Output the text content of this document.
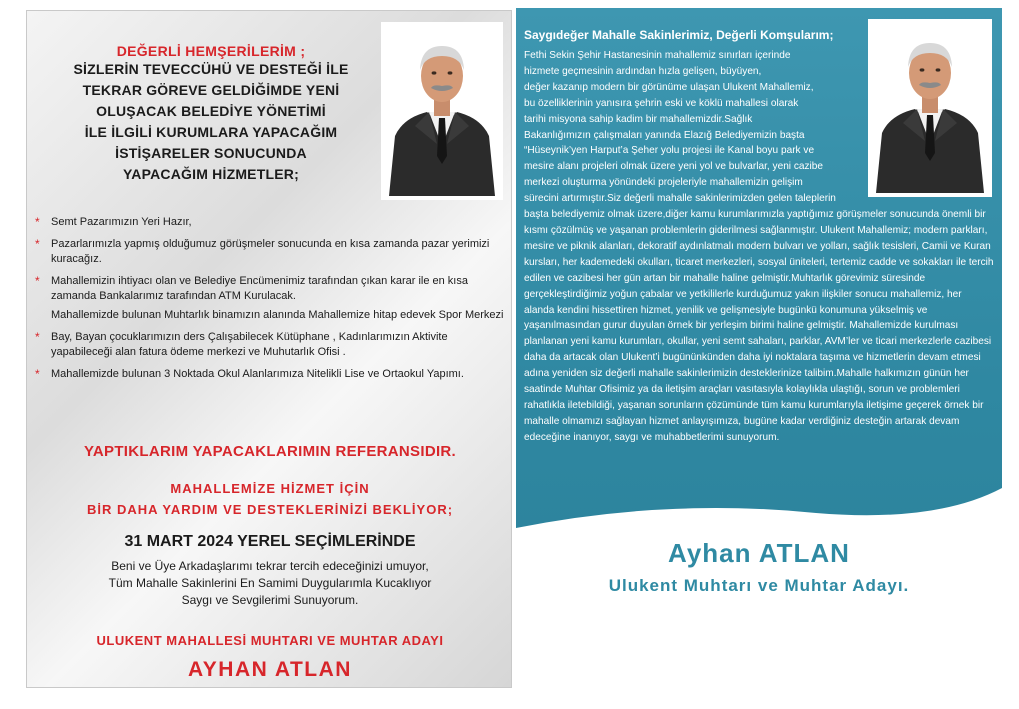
DEĞERLİ HEMŞERİLERİM ;
SİZLERİN TEVECCÜHÜ VE DESTEĞİ İLE
TEKRAR GÖREVE GELDİĞİMDE YENİ
OLUŞACAK BELEDİYE YÖNETİMİ
İLE İLGİLİ KURUMLARA YAPACAĞIM
İSTİŞARELER SONUCUNDA
YAPACAĞIM HİZMETLER;
* Semt Pazarımızın Yeri Hazır,
* Pazarlarımızla yapmış olduğumuz görüşmeler sonucunda en kısa zamanda pazar yerimizi kuracağız.
* Mahallemizin ihtiyacı olan ve Belediye Encümenimiz tarafından çıkan karar ile en kısa zamanda Bankalarımız tarafından ATM Kurulacak.
Mahallemizde bulunan Muhtarlık binamızın alanında Mahallemize hitap edevek Spor Merkezi
* Bay, Bayan çocuklarımızın ders Çalışabilecek Kütüphane , Kadınlarımızın Aktivite yapabileceği alan fatura ödeme merkezi ve Muhutarlık Ofisi .
* Mahallemizde bulunan 3 Noktada Okul Alanlarımıza Nitelikli Lise ve Ortaokul Yapımı.
YAPTIKLARIM YAPACAKLARIMIN REFERANSIDIR.
MAHALLEMİZE HİZMET İÇİN
BİR DAHA YARDIM VE DESTEKLERİNİZİ BEKLİYOR;
31 MART 2024 YEREL SEÇİMLERİNDE
Beni ve Üye Arkadaşlarımı tekrar tercih edeceğinizi umuyor,
Tüm Mahalle Sakinlerini En Samimi Duygularımla Kucaklıyor
Saygı ve Sevgilerimi Sunuyorum.
ULUKENT MAHALLESİ MUHTARI VE MUHTAR ADAYI
AYHAN ATLAN
Saygıdeğer Mahalle Sakinlerimiz, Değerli Komşularım;
Fethi Sekin Şehir Hastanesinin mahallemiz sınırları içerinde
hizmete geçmesinin ardından hızla gelişen, büyüyen,
değer kazanıp modern bir görünüme ulaşan Ulukent Mahallemiz,
bu özelliklerinin yanısıra şehrin eski ve köklü mahallesi olarak
tarihi misyona sahip kadim bir mahallemizdir.Sağlık
Bakanlığımızın çalışmaları yanında Elazığ Belediyemizin başta
“Hüseynik’yen Harput’a Şeher yolu projesi ile Kanal boyu park ve
mesire alanı projeleri olmak üzere yeni yol ve bulvarlar, yeni cazibe
merkezi oluşturma yönündeki projeleriyle mahallemizin gelişim
sürecini artırmıştır.Siz değerli mahalle sakinlerimizden gelen taleplerin
başta belediyemiz olmak üzere,diğer kamu kurumlarımızla yaptığımız görüşmeler sonucunda önemli bir kısmı çözülmüş ve yaşanan problemlerin giderilmesi sağlanmıştır. Ulukent Mahallemiz; modern parkları, mesire ve piknik alanları, dekoratif aydınlatmalı modern bulvarı ve yolları, sağlık tesisleri, Camii ve Kuran kursları, her kademedeki okulları, ticaret merkezleri, sosyal üniteleri, tertemiz cadde ve sokakları ile tercih edilen ve cazibesi her gün artan bir mahalle haline gelmiştir.Muhtarlık görevimiz süresinde gerçekleştirdiğimiz yoğun çabalar ve yetkililerle kurduğumuz yakın ilişkiler sonucu mahallemiz, her alanda kendini hissettiren hizmet, yenilik ve gelişmesiyle bugünkü konumuna yükselmiş ve yaşanılmasından gurur duyulan örnek bir yerleşim birimi haline gelmiştir. Mahallemizde kurulması planlanan yeni kamu kurumları, okullar, yeni semt sahaları, parklar, AVM’ler ve ticari merkezlerle cazibesi daha da artacak olan Ulukent’i bugününkünden daha iyi noktalara taşıma ve hizmetlerin devam etmesi adına yeniden siz değerli mahalle sakinlerimizin desteklerinize talibim.Mahalle halkımızın günün her saatinde Muhtar Ofisimiz ya da iletişim araçları vasıtasıyla kolaylıkla ulaştığı, sorun ve problemleri rahatlıkla iletebildiği, yaşanan sorunların çözümünde tüm kamu kurumlarıyla iletişime geçerek örnek bir mahalle olmamızı sağlayan hizmet anlayışımıza, bugüne kadar verdiğiniz desteğin artarak devam edeceğine inanıyor, saygı ve muhabbetlerimi sunuyorum.
Ayhan ATLAN
Ulukent Muhtarı ve Muhtar Adayı.
